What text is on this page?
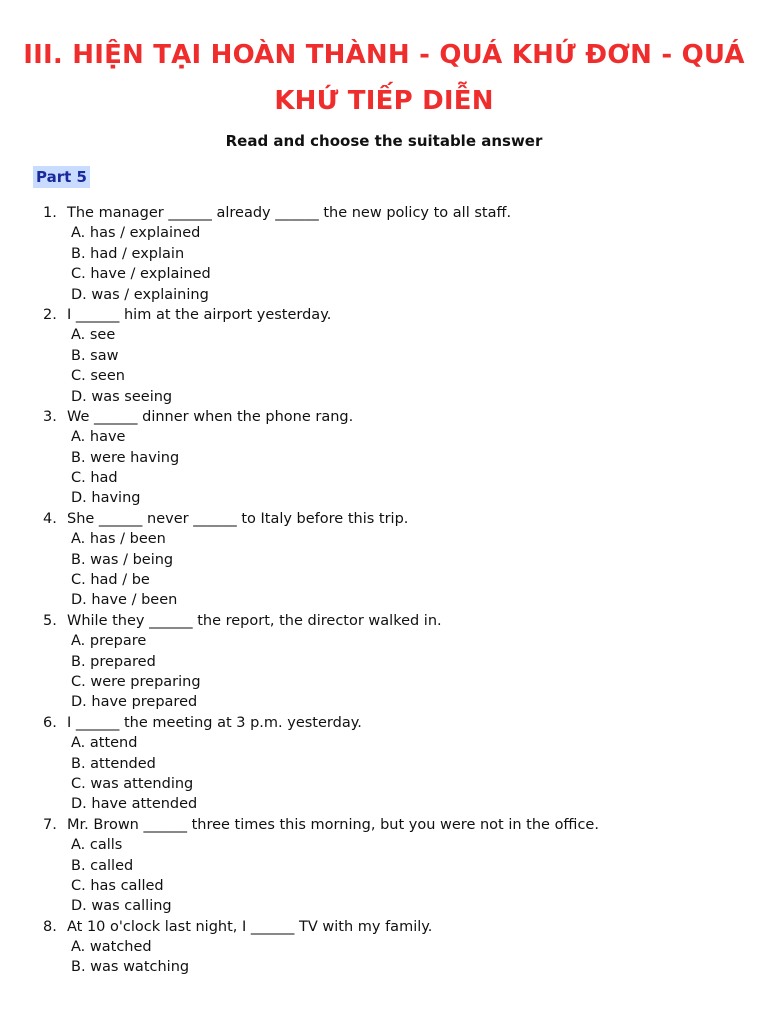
III. HIỆN TẠI HOÀN THÀNH - QUÁ KHỨ ĐƠN - QUÁ KHỨ TIẾP DIỄN
Read and choose the suitable answer
Part 5
1. The manager ______ already ______ the new policy to all staff.
A. has / explained
B. had / explain
C. have / explained
D. was / explaining
2. I ______ him at the airport yesterday.
A. see
B. saw
C. seen
D. was seeing
3. We ______ dinner when the phone rang.
A. have
B. were having
C. had
D. having
4. She ______ never ______ to Italy before this trip.
A. has / been
B. was / being
C. had / be
D. have / been
5. While they ______ the report, the director walked in.
A. prepare
B. prepared
C. were preparing
D. have prepared
6. I ______ the meeting at 3 p.m. yesterday.
A. attend
B. attended
C. was attending
D. have attended
7. Mr. Brown ______ three times this morning, but you were not in the office.
A. calls
B. called
C. has called
D. was calling
8. At 10 o'clock last night, I ______ TV with my family.
A. watched
B. was watching
